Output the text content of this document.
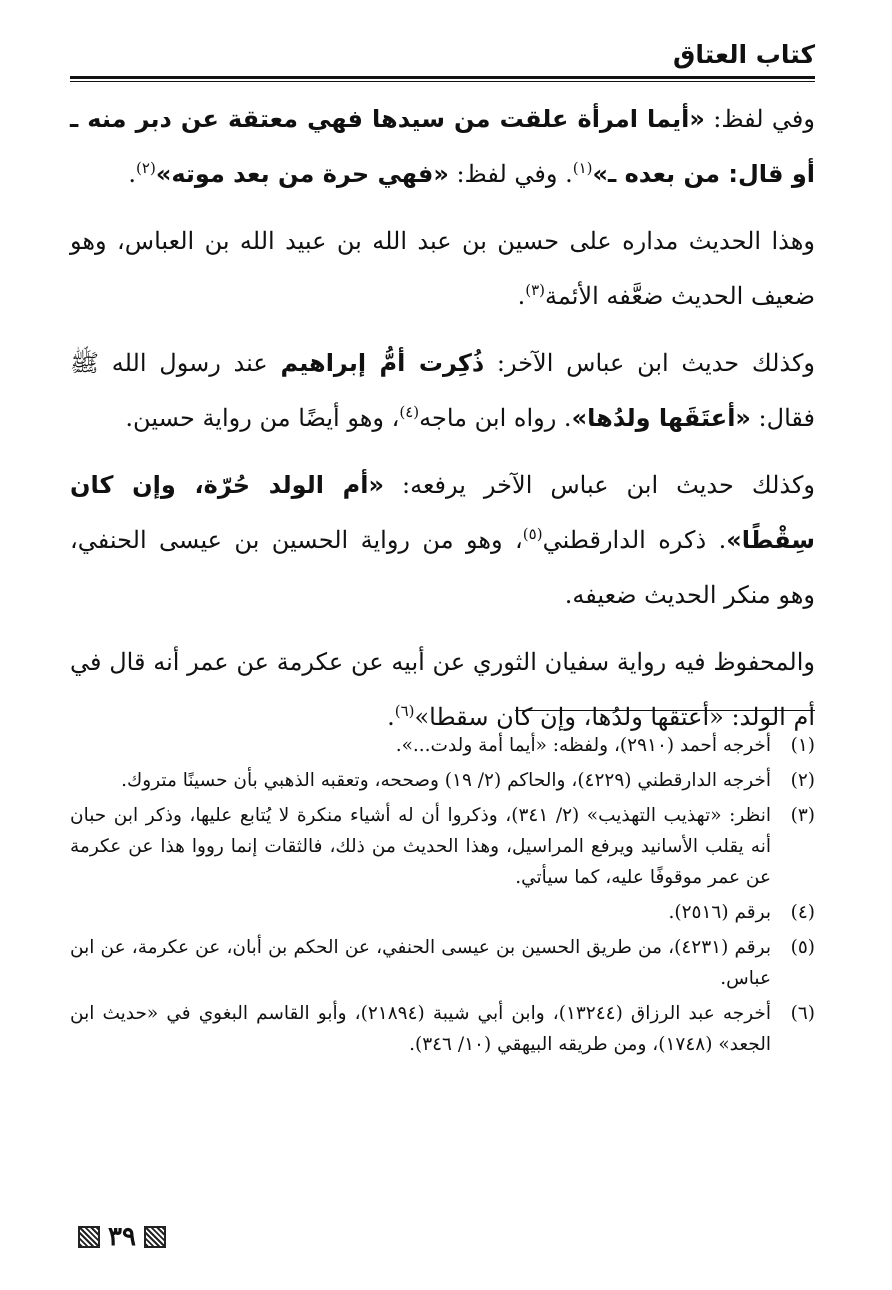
كتاب العتاق

وفي لفظ: «أيما امرأة علقت من سيدها فهي معتقة عن دبر منه ـ أو قال: من بعده ـ»$^{(١)}$. وفي لفظ: «فهي حرة من بعد موته»$^{(٢)}$.

وهذا الحديث مداره على حسين بن عبد الله بن عبيد الله بن العباس، وهو ضعيف الحديث ضعَّفه الأئمة$^{(٣)}$.

وكذلك حديث ابن عباس الآخر: ذُكِرت أمُّ إبراهيم عند رسول الله ﷺ فقال: «أعتَقَها ولدُها». رواه ابن ماجه$^{(٤)}$، وهو أيضًا من رواية حسين.

وكذلك حديث ابن عباس الآخر يرفعه: «أم الولد حُرّة، وإن كان سِقْطًا». ذكره الدارقطني$^{(٥)}$، وهو من رواية الحسين بن عيسى الحنفي، وهو منكر الحديث ضعيفه.

والمحفوظ فيه رواية سفيان الثوري عن أبيه عن عكرمة عن عمر أنه قال في أم الولد: «أعتقها ولدُها، وإن كان سقطا»$^{(٦)}$.

(١)
أخرجه أحمد (٢٩١٠)، ولفظه: «أيما أمة ولدت...».
(٢)
أخرجه الدارقطني (٤٢٢٩)، والحاكم (٢/ ١٩) وصححه، وتعقبه الذهبي بأن حسينًا متروك.
(٣)
انظر: «تهذيب التهذيب» (٢/ ٣٤١)، وذكروا أن له أشياء منكرة لا يُتابع عليها، وذكر ابن حبان أنه يقلب الأسانيد ويرفع المراسيل، وهذا الحديث من ذلك، فالثقات إنما رووا هذا عن عكرمة عن عمر موقوفًا عليه، كما سيأتي.
(٤)
برقم (٢٥١٦).
(٥)
برقم (٤٢٣١)، من طريق الحسين بن عيسى الحنفي، عن الحكم بن أبان، عن عكرمة، عن ابن عباس.
(٦)
أخرجه عبد الرزاق (١٣٢٤٤)، وابن أبي شيبة (٢١٨٩٤)، وأبو القاسم البغوي في «حديث ابن الجعد» (١٧٤٨)، ومن طريقه البيهقي (١٠/ ٣٤٦).
٣٩
